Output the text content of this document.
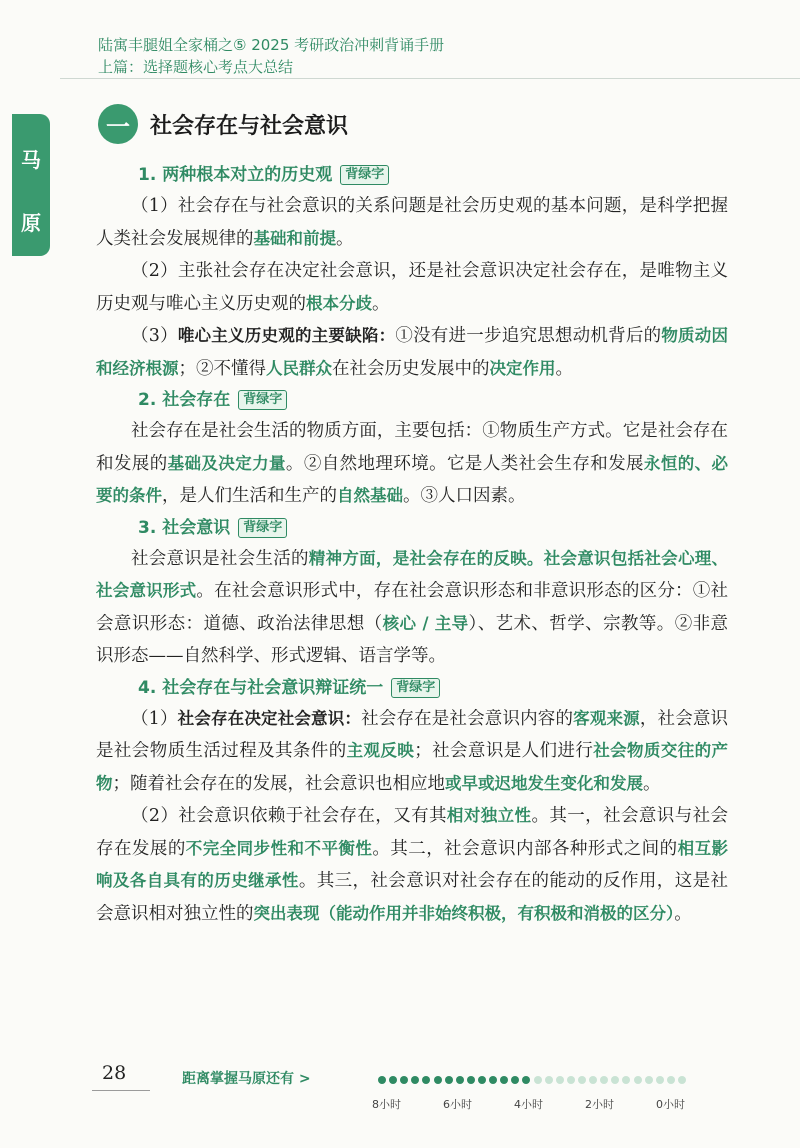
陆寓丰腿姐全家桶之⑤ 2025 考研政治冲刺背诵手册
上篇：选择题核心考点大总结
马
原
一 社会存在与社会意识
1. 两种根本对立的历史观	背绿字

（1）社会存在与社会意识的关系问题是社会历史观的基本问题，是科学把握人类社会发展规律的基础和前提。

（2）主张社会存在决定社会意识，还是社会意识决定社会存在，是唯物主义历史观与唯心主义历史观的根本分歧。

（3）唯心主义历史观的主要缺陷：①没有进一步追究思想动机背后的物质动因和经济根源；②不懂得人民群众在社会历史发展中的决定作用。

2. 社会存在	背绿字

社会存在是社会生活的物质方面，主要包括：①物质生产方式。它是社会存在和发展的基础及决定力量。②自然地理环境。它是人类社会生存和发展永恒的、必要的条件，是人们生活和生产的自然基础。③人口因素。

3. 社会意识	背绿字

社会意识是社会生活的精神方面，是社会存在的反映。社会意识包括社会心理、社会意识形式。在社会意识形式中，存在社会意识形态和非意识形态的区分：①社会意识形态：道德、政治法律思想（核心 / 主导）、艺术、哲学、宗教等。②非意识形态——自然科学、形式逻辑、语言学等。

4. 社会存在与社会意识辩证统一	背绿字

（1）社会存在决定社会意识：社会存在是社会意识内容的客观来源，社会意识是社会物质生活过程及其条件的主观反映；社会意识是人们进行社会物质交往的产物；随着社会存在的发展，社会意识也相应地或早或迟地发生变化和发展。

（2）社会意识依赖于社会存在，又有其相对独立性。其一，社会意识与社会存在发展的不完全同步性和不平衡性。其二，社会意识内部各种形式之间的相互影响及各自具有的历史继承性。其三，社会意识对社会存在的能动的反作用，这是社会意识相对独立性的突出表现（能动作用并非始终积极，有积极和消极的区分）。

28	距离掌握马原还有 >
8小时	6小时	4小时	2小时	0小时
